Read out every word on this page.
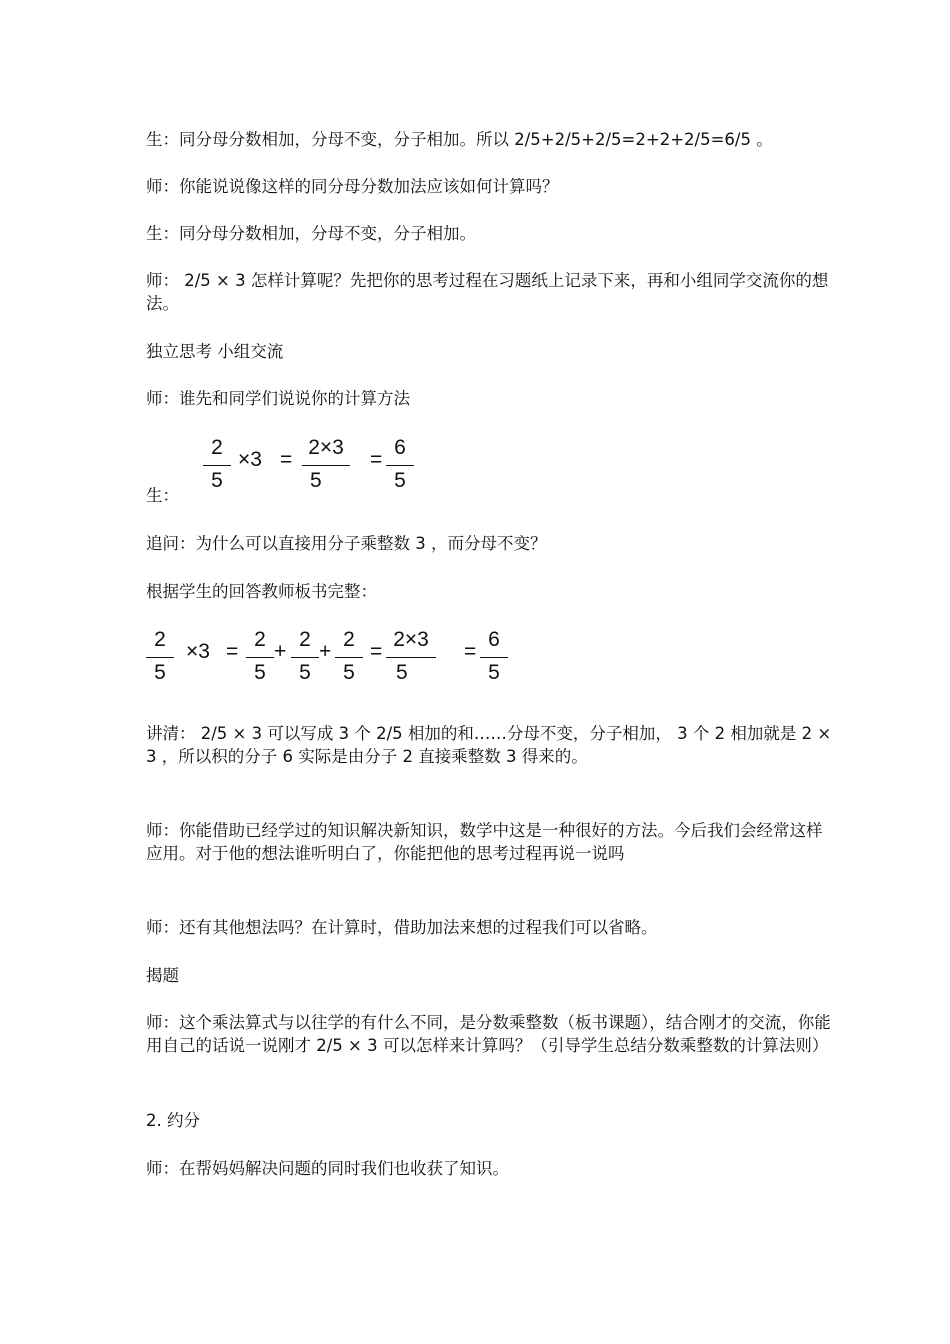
生：同分母分数相加，分母不变，分子相加。所以 2/5+2/5+2/5=2+2+2/5=6/5 。

师：你能说说像这样的同分母分数加法应该如何计算吗？

生：同分母分数相加，分母不变，分子相加。

师： 2/5 × 3 怎样计算呢？先把你的思考过程在习题纸上记录下来，再和小组同学交流你的想法。

独立思考 小组交流

师：谁先和同学们说说你的计算方法

生：

2
5
×3 =
2×3
5
=
6
5

追问：为什么可以直接用分子乘整数 3 ，而分母不变？

根据学生的回答教师板书完整：

2
5
×3 =
2
5
+
2
5
+
2
5
=
2×3
5
=
6
5

讲清： 2/5 × 3 可以写成 3 个 2/5 相加的和……分母不变，分子相加， 3 个 2 相加就是 2 × 3 ，所以积的分子 6 实际是由分子 2 直接乘整数 3 得来的。

师：你能借助已经学过的知识解决新知识，数学中这是一种很好的方法。今后我们会经常这样应用。对于他的想法谁听明白了，你能把他的思考过程再说一说吗

师：还有其他想法吗？在计算时，借助加法来想的过程我们可以省略。

揭题

师：这个乘法算式与以往学的有什么不同，是分数乘整数（板书课题），结合刚才的交流，你能用自己的话说一说刚才 2/5 × 3 可以怎样来计算吗？（引导学生总结分数乘整数的计算法则）

2. 约分

师：在帮妈妈解决问题的同时我们也收获了知识。
